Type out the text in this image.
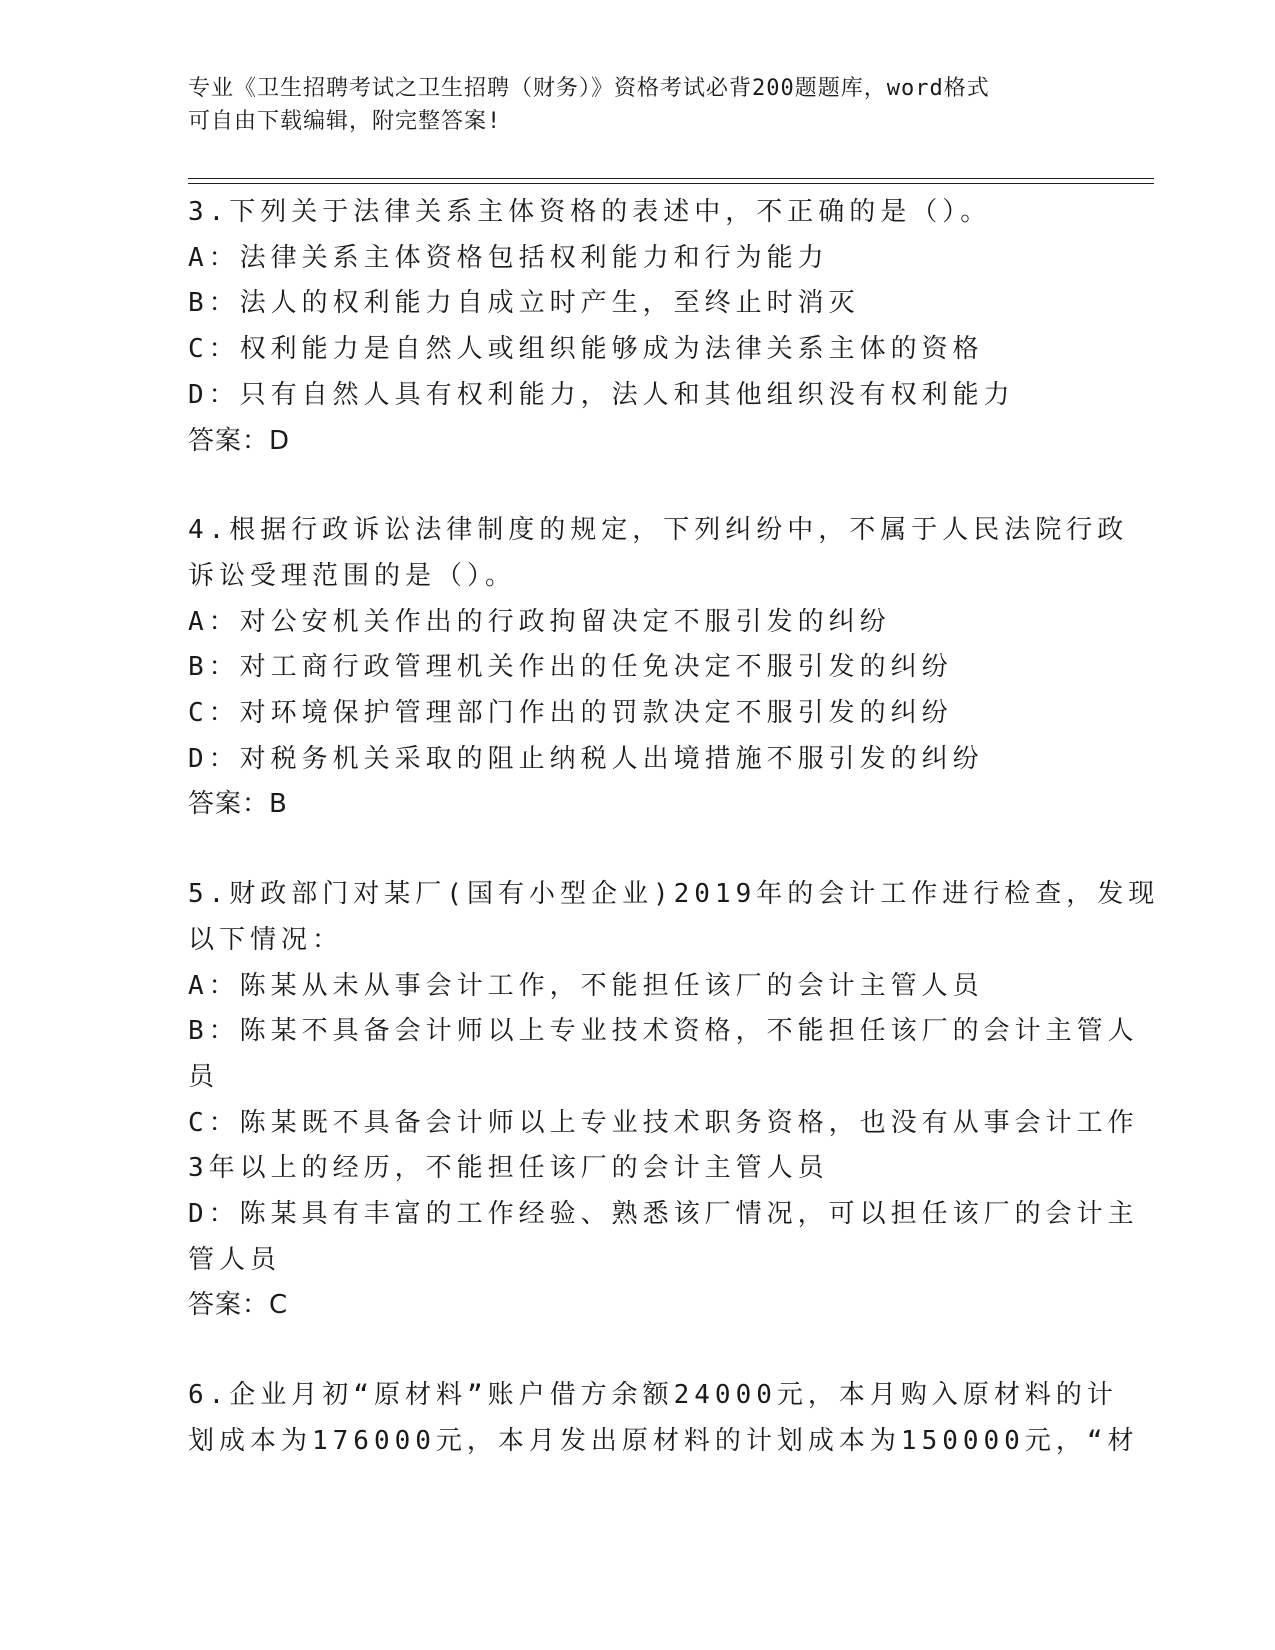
专业《卫生招聘考试之卫生招聘（财务）》资格考试必背200题题库，word格式
可自由下载编辑，附完整答案!
3.下列关于法律关系主体资格的表述中，不正确的是（）。
A：法律关系主体资格包括权利能力和行为能力
B：法人的权利能力自成立时产生，至终止时消灭
C：权利能力是自然人或组织能够成为法律关系主体的资格
D：只有自然人具有权利能力，法人和其他组织没有权利能力
答案：D
4.根据行政诉讼法律制度的规定，下列纠纷中，不属于人民法院行政
诉讼受理范围的是（）。
A：对公安机关作出的行政拘留决定不服引发的纠纷
B：对工商行政管理机关作出的任免决定不服引发的纠纷
C：对环境保护管理部门作出的罚款决定不服引发的纠纷
D：对税务机关采取的阻止纳税人出境措施不服引发的纠纷
答案：B
5.财政部门对某厂(国有小型企业)2019年的会计工作进行检查，发现
以下情况：
A：陈某从未从事会计工作，不能担任该厂的会计主管人员
B：陈某不具备会计师以上专业技术资格，不能担任该厂的会计主管人
员
C：陈某既不具备会计师以上专业技术职务资格，也没有从事会计工作
3年以上的经历，不能担任该厂的会计主管人员
D：陈某具有丰富的工作经验、熟悉该厂情况，可以担任该厂的会计主
管人员
答案：C
6.企业月初“原材料”账户借方余额24000元，本月购入原材料的计
划成本为176000元，本月发出原材料的计划成本为150000元，“材
